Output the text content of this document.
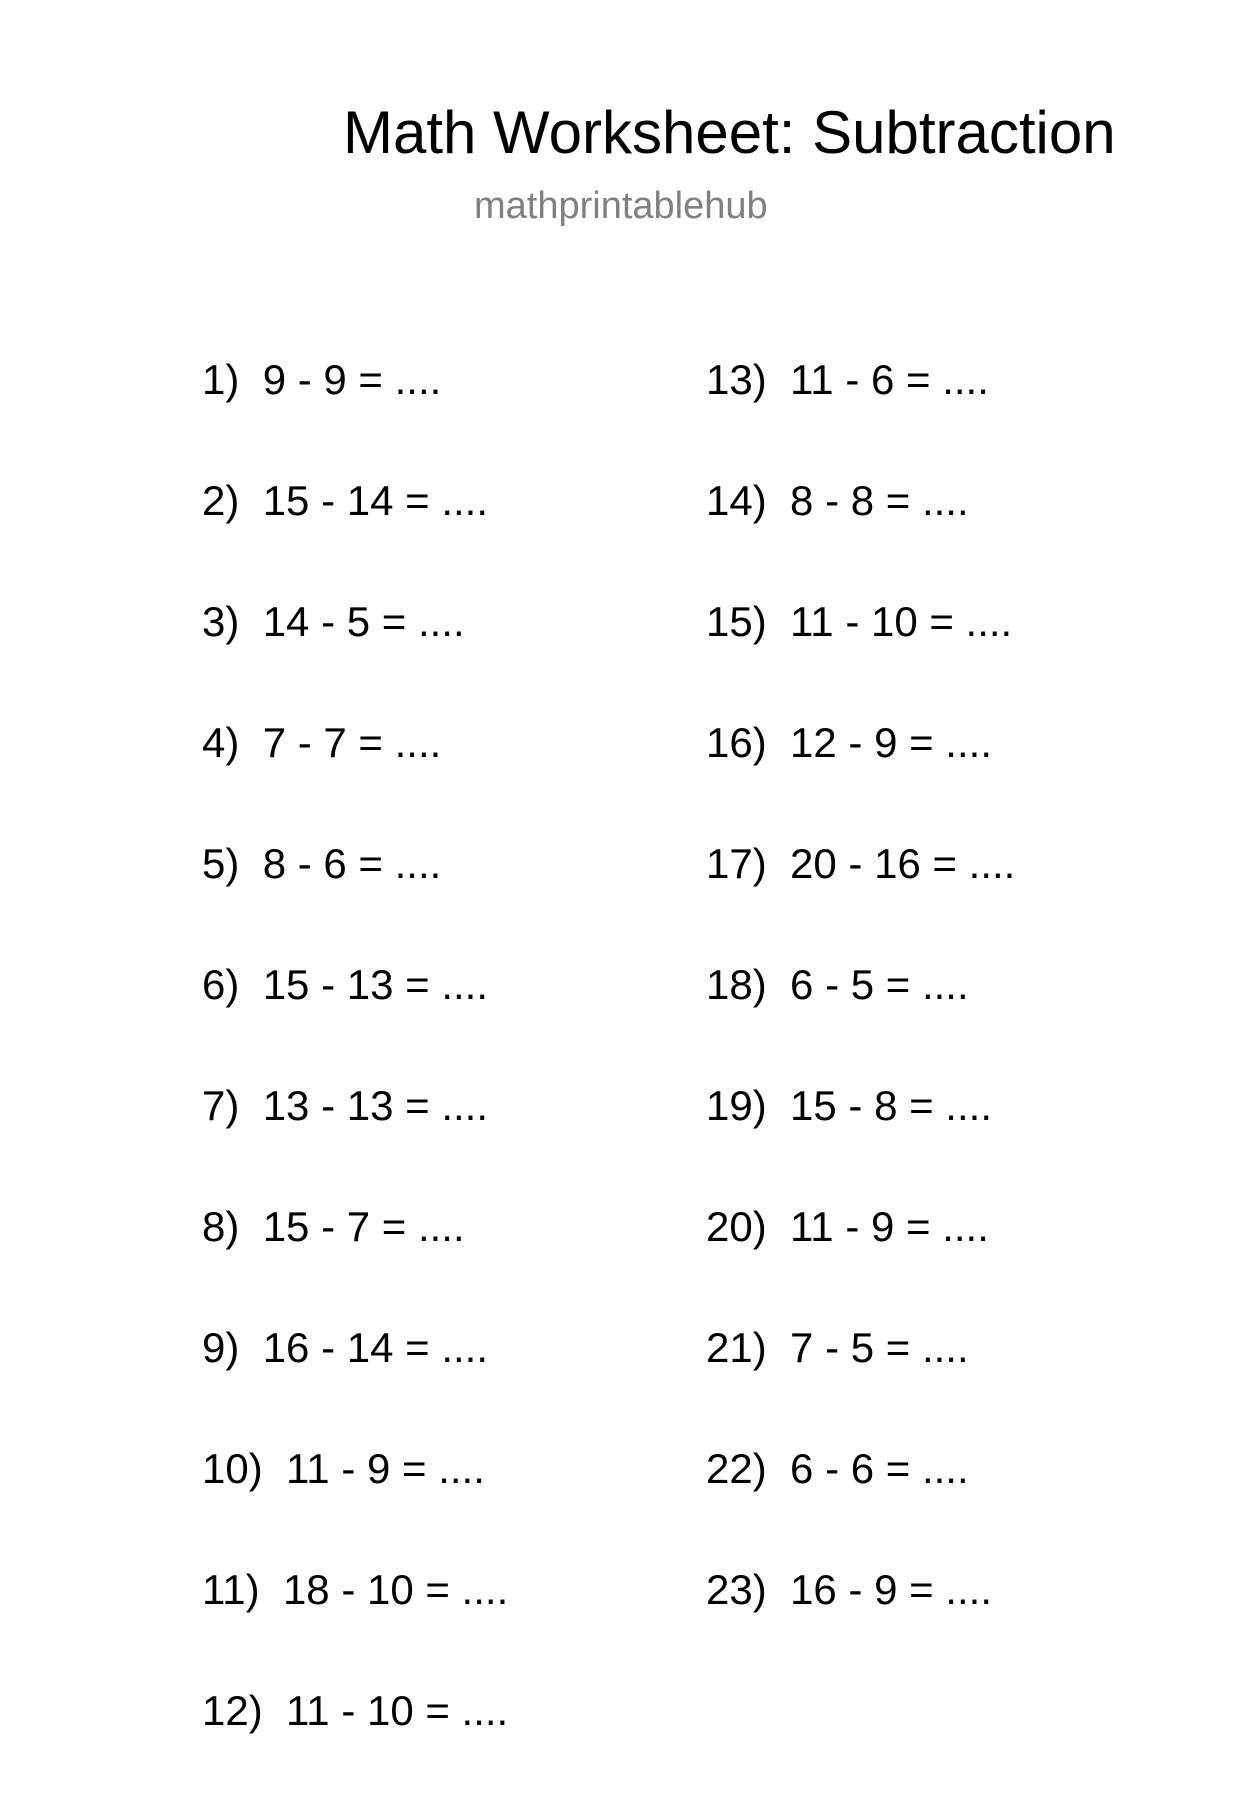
Math Worksheet: Subtraction
mathprintablehub
1) 9 - 9 = ....
2) 15 - 14 = ....
3) 14 - 5 = ....
4) 7 - 7 = ....
5) 8 - 6 = ....
6) 15 - 13 = ....
7) 13 - 13 = ....
8) 15 - 7 = ....
9) 16 - 14 = ....
10) 11 - 9 = ....
11) 18 - 10 = ....
12) 11 - 10 = ....
13) 11 - 6 = ....
14) 8 - 8 = ....
15) 11 - 10 = ....
16) 12 - 9 = ....
17) 20 - 16 = ....
18) 6 - 5 = ....
19) 15 - 8 = ....
20) 11 - 9 = ....
21) 7 - 5 = ....
22) 6 - 6 = ....
23) 16 - 9 = ....
